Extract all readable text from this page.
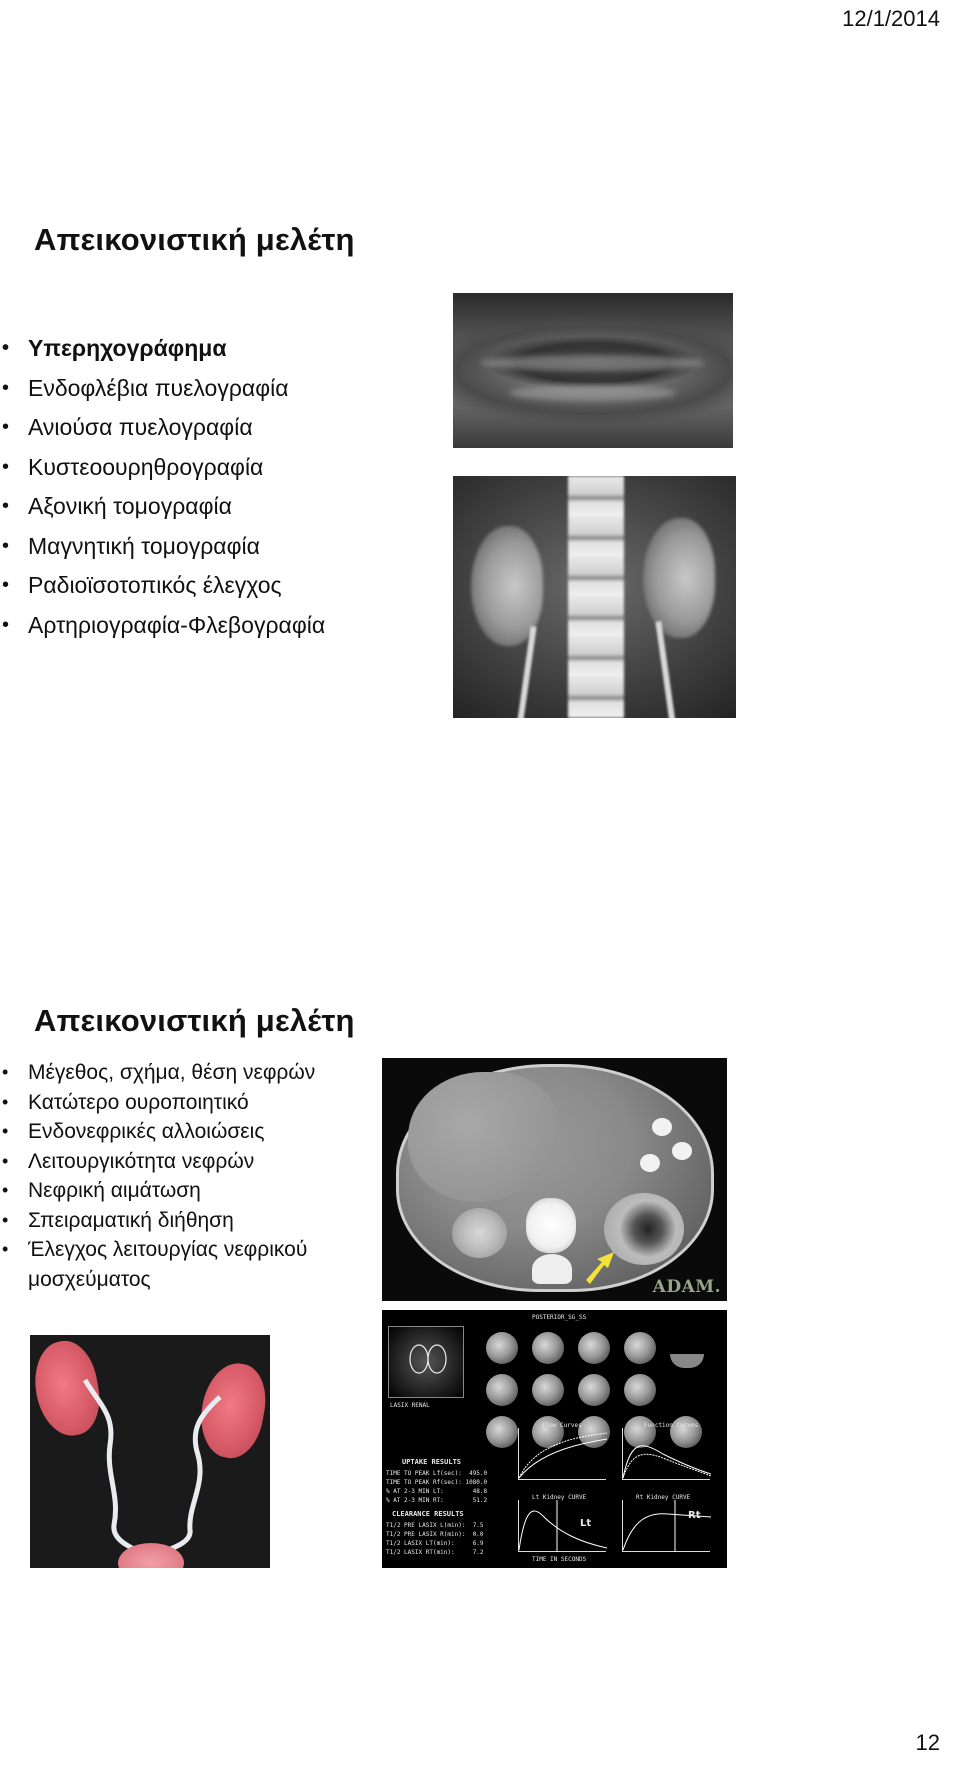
12/1/2014
Απεικονιστική μελέτη
• Υπερηχογράφημα
• Ενδοφλέβια πυελογραφία
• Ανιούσα πυελογραφία
• Κυστεοουρηθρογραφία
• Αξονική τομογραφία
• Μαγνητική τομογραφία
• Ραδιοϊσοτοπικός έλεγχος
• Αρτηριογραφία-Φλεβογραφία
Απεικονιστική μελέτη
• Μέγεθος, σχήμα, θέση νεφρών
• Κατώτερο ουροποιητικό
• Ενδονεφρικές αλλοιώσεις
• Λειτουργικότητα νεφρών
• Νεφρική αιμάτωση
• Σπειραματική διήθηση
• Έλεγχος λειτουργίας νεφρικού μοσχεύματος	ADAM.
POSTERIOR_SG_SS
LASIX RENAL
UPTAKE RESULTS
TIME TO PEAK Lf(sec):  495.0
TIME TO PEAK Rf(sec): 1080.0
% AT 2-3 MIN LT:        48.8
% AT 2-3 MIN RT:        51.2
CLEARANCE RESULTS
T1/2 PRE LASIX L(min):  7.5
T1/2 PRE LASIX R(min):  0.0
T1/2 LASIX LT(min):     6.9
T1/2 LASIX RT(min):     7.2
Flow Curves	Function Curves
Lt Kidney CURVE
Lt
Rt Kidney CURVE
Rt
TIME IN SECONDS
12
